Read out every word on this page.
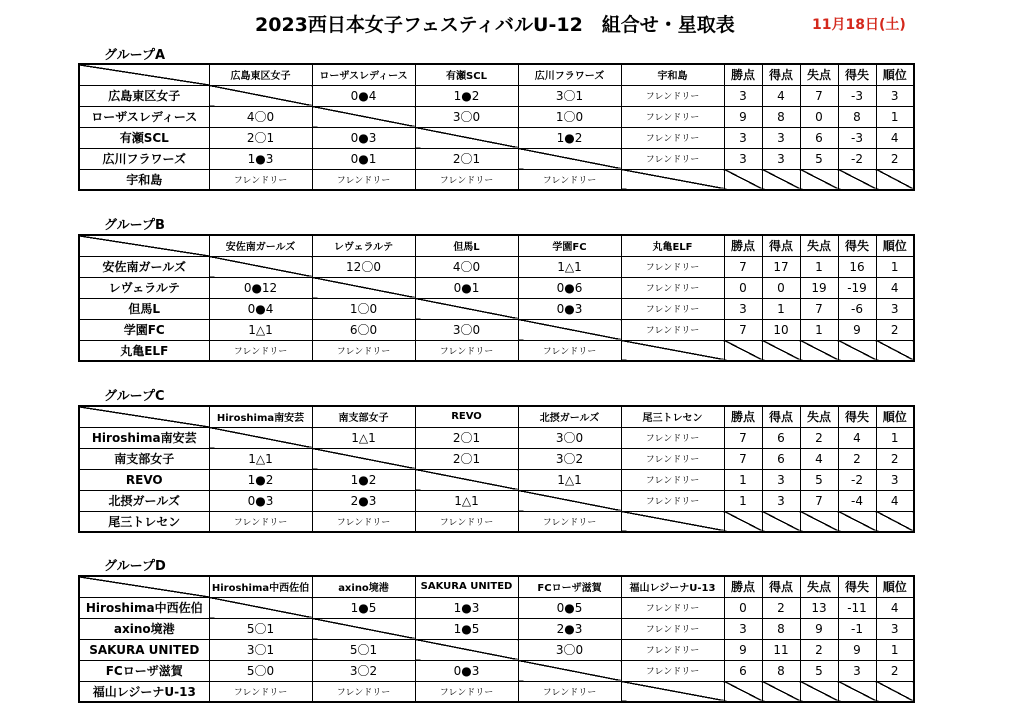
2023西日本女子フェスティバルU-12　組合せ・星取表	11月18日(土)
グループA
	広島東区女子	ローザスレディース	有瀬SCL	広川フラワーズ	宇和島	勝点	得点	失点	得失	順位
広島東区女子		0●4	1●2	3〇1	フレンドリー	3	4	7	-3	3
ローザスレディース	4〇0		3〇0	1〇0	フレンドリー	9	8	0	8	1
有瀬SCL	2〇1	0●3		1●2	フレンドリー	3	3	6	-3	4
広川フラワーズ	1●3	0●1	2〇1		フレンドリー	3	3	5	-2	2
宇和島	フレンドリー	フレンドリー	フレンドリー	フレンドリー						
グループB
	安佐南ガールズ	レヴェラルテ	但馬L	学園FC	丸亀ELF	勝点	得点	失点	得失	順位
安佐南ガールズ		12〇0	4〇0	1△1	フレンドリー	7	17	1	16	1
レヴェラルテ	0●12		0●1	0●6	フレンドリー	0	0	19	-19	4
但馬L	0●4	1〇0		0●3	フレンドリー	3	1	7	-6	3
学園FC	1△1	6〇0	3〇0		フレンドリー	7	10	1	9	2
丸亀ELF	フレンドリー	フレンドリー	フレンドリー	フレンドリー						
グループC
	Hiroshima南安芸	南支部女子	REVO	北摂ガールズ	尾三トレセン	勝点	得点	失点	得失	順位
Hiroshima南安芸		1△1	2〇1	3〇0	フレンドリー	7	6	2	4	1
南支部女子	1△1		2〇1	3〇2	フレンドリー	7	6	4	2	2
REVO	1●2	1●2		1△1	フレンドリー	1	3	5	-2	3
北摂ガールズ	0●3	2●3	1△1		フレンドリー	1	3	7	-4	4
尾三トレセン	フレンドリー	フレンドリー	フレンドリー	フレンドリー						
グループD
	Hiroshima中西佐伯	axino境港	SAKURA UNITED	FCローザ滋賀	福山レジーナU-13	勝点	得点	失点	得失	順位
Hiroshima中西佐伯		1●5	1●3	0●5	フレンドリー	0	2	13	-11	4
axino境港	5〇1		1●5	2●3	フレンドリー	3	8	9	-1	3
SAKURA UNITED	3〇1	5〇1		3〇0	フレンドリー	9	11	2	9	1
FCローザ滋賀	5〇0	3〇2	0●3		フレンドリー	6	8	5	3	2
福山レジーナU-13	フレンドリー	フレンドリー	フレンドリー	フレンドリー						
